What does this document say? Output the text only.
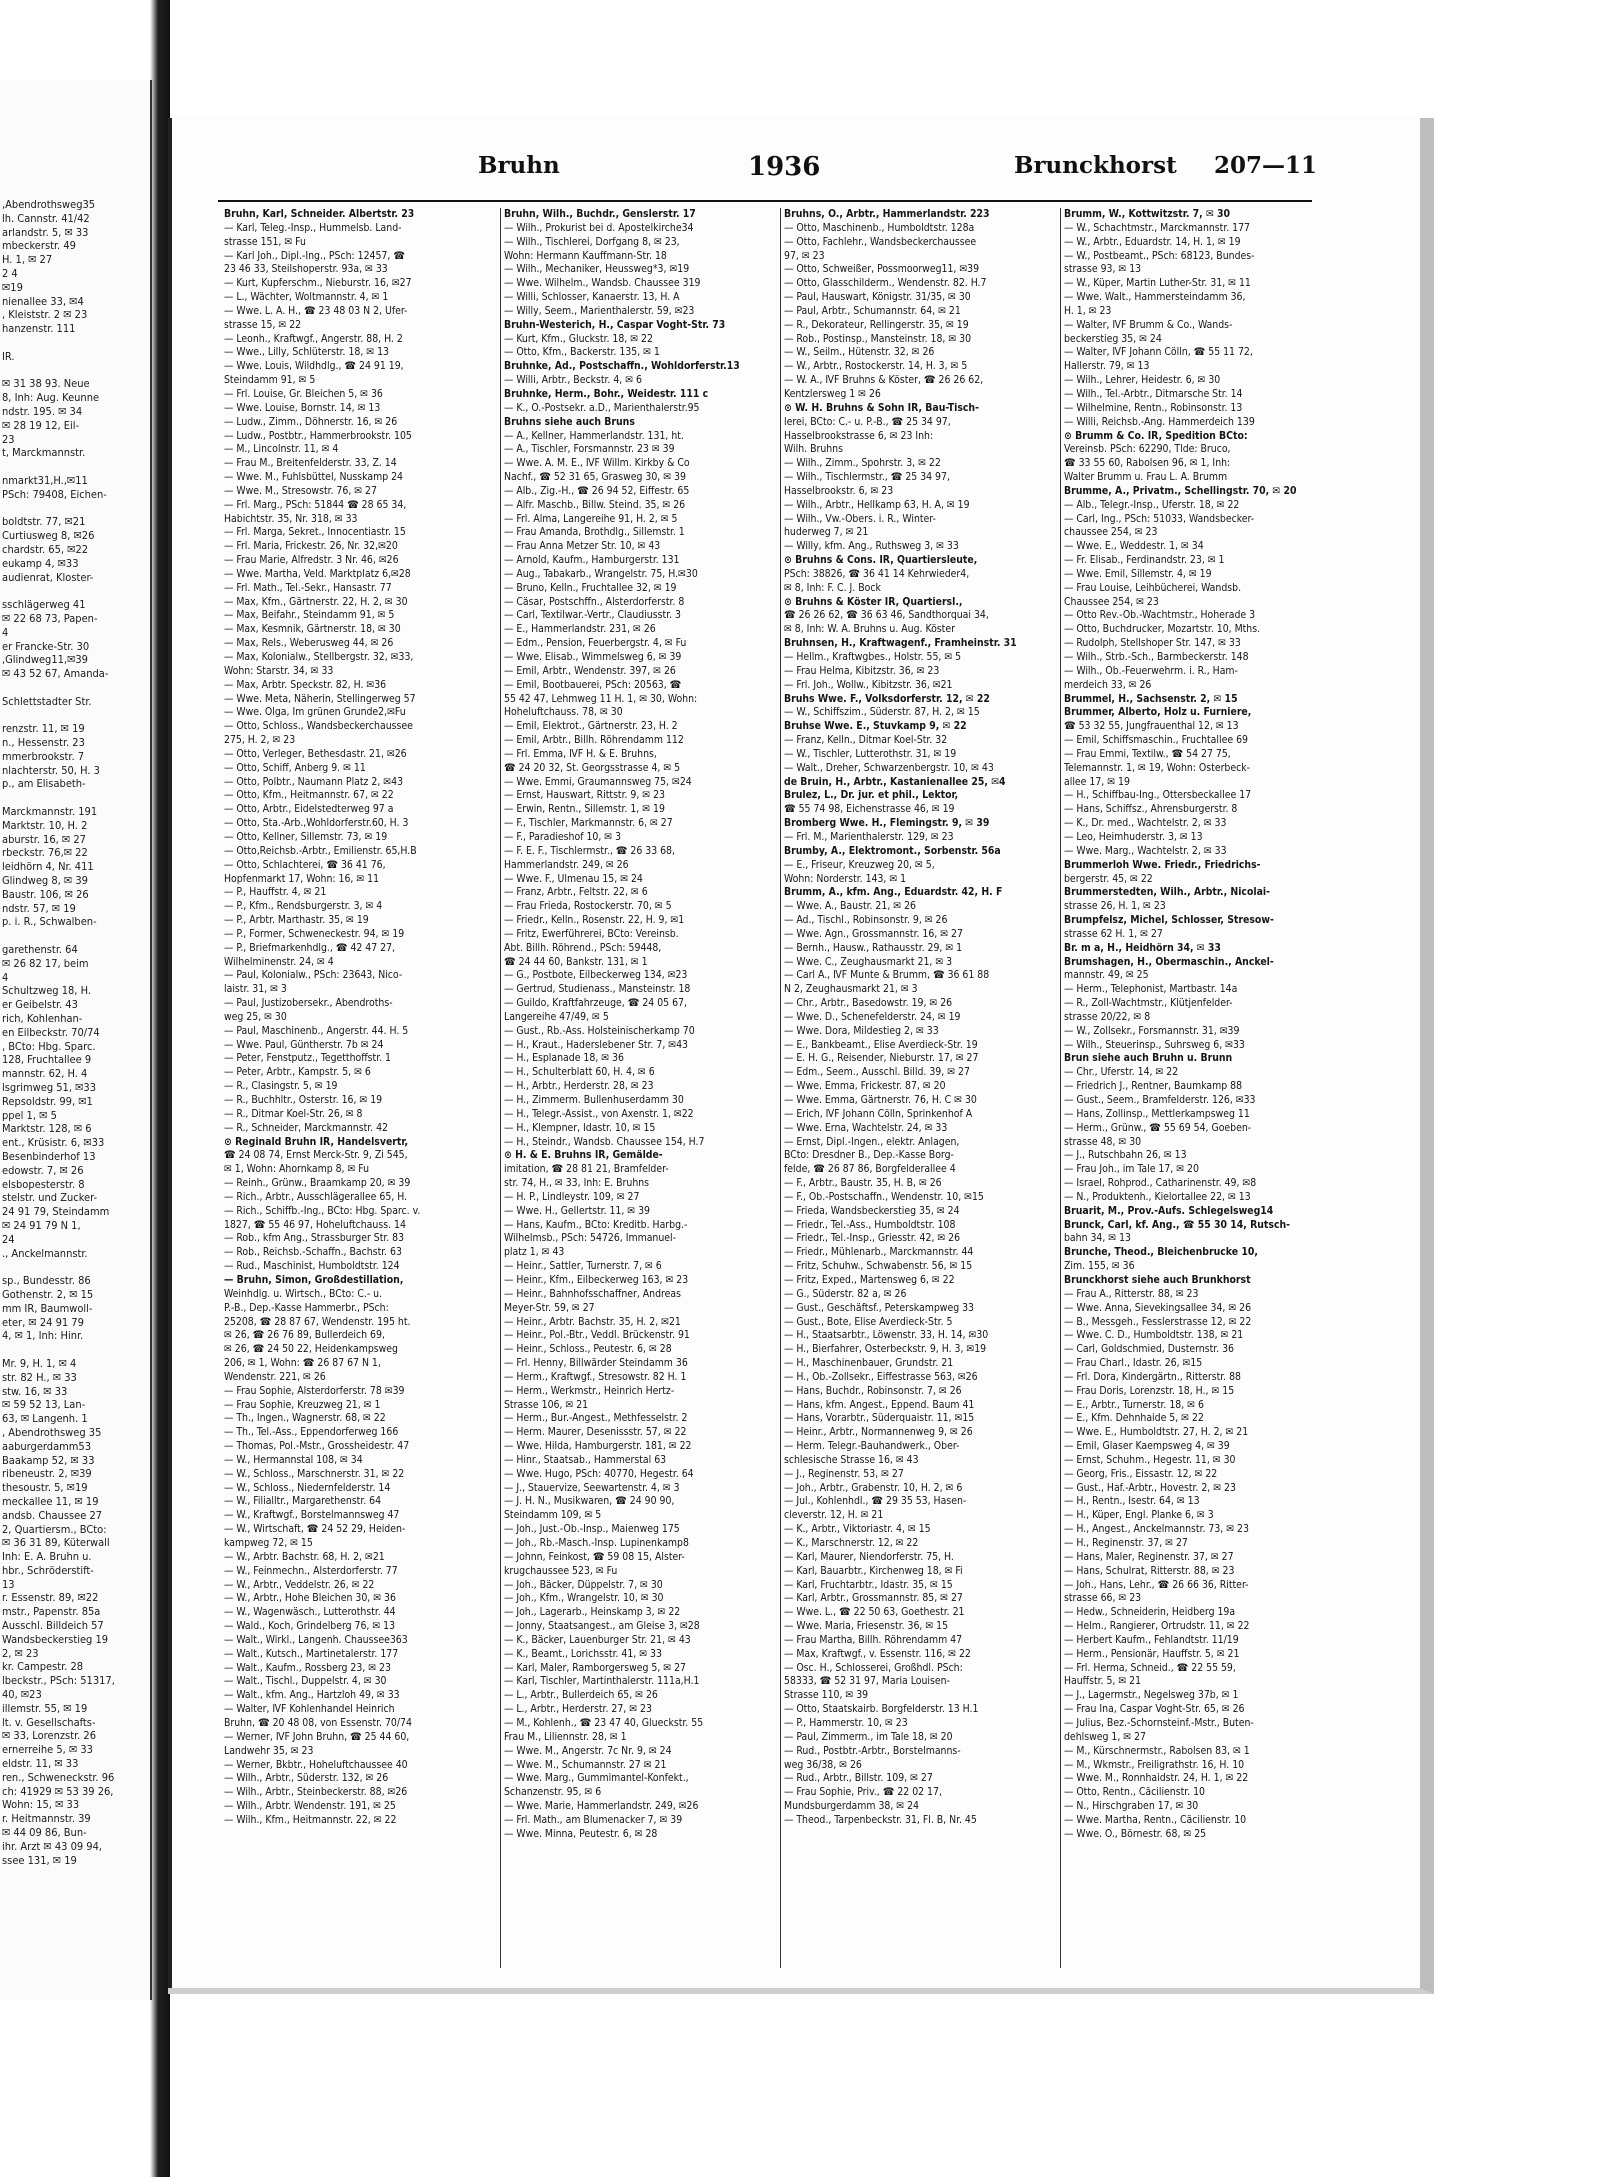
,Abendrothsweg35
lh. Cannstr. 41/42
arlandstr. 5, ✉ 33
mbeckerstr. 49
H. 1, ✉ 27
2 4
✉19
nienallee 33, ✉4
, Kleiststr. 2 ✉ 23
hanzenstr. 111

IR.

✉ 31 38 93. Neue
8, Inh: Aug. Keunne
ndstr. 195. ✉ 34
✉ 28 19 12, Eil-
23
t, Marckmannstr.

nmarkt31,H.,✉11
PSch: 79408, Eichen-

boldtstr. 77, ✉21
Curtiusweg 8, ✉26
chardstr. 65, ✉22
eukamp 4, ✉33
audienrat, Kloster-

sschlägerweg 41
✉ 22 68 73, Papen-
4
er Francke-Str. 30
,Glindweg11,✉39
✉ 43 52 67, Amanda-

Schlettstadter Str.

renzstr. 11, ✉ 19
n., Hessenstr. 23
mmerbrookstr. 7
nlachterstr. 50, H. 3
p., am Elisabeth-

Marckmannstr. 191
Marktstr. 10, H. 2
aburstr. 16, ✉ 27
rbeckstr. 76,✉ 22
leidhörn 4, Nr. 411
Glindweg 8, ✉ 39
Baustr. 106, ✉ 26
ndstr. 57, ✉ 19
p. i. R., Schwalben-

garethenstr. 64
✉ 26 82 17, beim
4
Schultzweg 18, H.
er Geibelstr. 43
rich, Kohlenhan-
en Eilbeckstr. 70/74
, BCto: Hbg. Sparc.
128, Fruchtallee 9
mannstr. 62, H. 4
lsgrimweg 51, ✉33
Repsoldstr. 99, ✉1
ppel 1, ✉ 5
Marktstr. 128, ✉ 6
ent., Krüsistr. 6, ✉33
Besenbinderhof 13
edowstr. 7, ✉ 26
elsbopesterstr. 8
stelstr. und Zucker-
24 91 79, Steindamm
✉ 24 91 79 N 1,
24
., Anckelmannstr.

sp., Bundesstr. 86
Gothenstr. 2, ✉ 15
mm IR, Baumwoll-
eter, ✉ 24 91 79
4, ✉ 1, Inh: Hinr.

Mr. 9, H. 1, ✉ 4
str. 82 H., ✉ 33
stw. 16, ✉ 33
✉ 59 52 13, Lan-
63, ✉ Langenh. 1
, Abendrothsweg 35
aaburgerdamm53
Baakamp 52, ✉ 33
ribeneustr. 2, ✉39
thesoustr. 5, ✉19
meckallee 11, ✉ 19
andsb. Chaussee 27
2, Quartiersm., BCto:
✉ 36 31 89, Küterwall
Inh: E. A. Bruhn u.
hbr., Schröderstift-
13
r. Essenstr. 89, ✉22
mstr., Papenstr. 85a
Ausschl. Billdeich 57
Wandsbeckerstieg 19
2, ✉ 23
kr. Campestr. 28
lbeckstr., PSch: 51317,
40, ✉23
illemstr. 55, ✉ 19
lt. v. Gesellschafts-
✉ 33, Lorenzstr. 26
ernerreihe 5, ✉ 33
eldstr. 11, ✉ 33
ren., Schweneckstr. 96
ch: 41929 ✉ 53 39 26,
Wohn: 15, ✉ 33
r. Heitmannstr. 39
✉ 44 09 86, Bun-
ihr. Arzt ✉ 43 09 94,
ssee 131, ✉ 19
Bruhn	1936	Brunckhorst 207—11
Bruhn, Karl, Schneider. Albertstr. 23
— Karl, Teleg.-Insp., Hummelsb. Land-
strasse 151, ✉ Fu
— Karl Joh., Dipl.-Ing., PSch: 12457, ☎
23 46 33, Steilshoperstr. 93a, ✉ 33
— Kurt, Kupferschm., Nieburstr. 16, ✉27
— L., Wächter, Woltmannstr. 4, ✉ 1
— Wwe. L. A. H., ☎ 23 48 03 N 2, Ufer-
strasse 15, ✉ 22
— Leonh., Kraftwgf., Angerstr. 88, H. 2
— Wwe., Lilly, Schlüterstr. 18, ✉ 13
— Wwe. Louis, Wildhdlg., ☎ 24 91 19,
Steindamm 91, ✉ 5
— Frl. Louise, Gr. Bleichen 5, ✉ 36
— Wwe. Louise, Bornstr. 14, ✉ 13
— Ludw., Zimm., Döhnerstr. 16, ✉ 26
— Ludw., Postbtr., Hammerbrookstr. 105
— M., Lincolnstr. 11, ✉ 4
— Frau M., Breitenfelderstr. 33, Z. 14
— Wwe. M., Fuhlsbüttel, Nusskamp 24
— Wwe. M., Stresowstr. 76, ✉ 27
— Frl. Marg., PSch: 51844 ☎ 28 65 34,
Habichtstr. 35, Nr. 318, ✉ 33
— Frl. Marga, Sekret., Innocentiastr. 15
— Frl. Maria, Frickestr. 26, Nr. 32,✉20
— Frau Marie, Alfredstr. 3 Nr. 46, ✉26
— Wwe. Martha, Veld. Marktplatz 6,✉28
— Frl. Math., Tel.-Sekr., Hansastr. 77
— Max, Kfm., Gärtnerstr. 22, H. 2, ✉ 30
— Max, Beifahr., Steindamm 91, ✉ 5
— Max, Kesmnik, Gärtnerstr. 18, ✉ 30
— Max, Rels., Weberusweg 44, ✉ 26
— Max, Kolonialw., Stellbergstr. 32, ✉33,
Wohn: Starstr. 34, ✉ 33
— Max, Arbtr. Speckstr. 82, H. ✉36
— Wwe. Meta, Näherin, Stellingerweg 57
— Wwe. Olga, Im grünen Grunde2,✉Fu
— Otto, Schloss., Wandsbeckerchaussee
275, H. 2, ✉ 23
— Otto, Verleger, Bethesdastr. 21, ✉26
— Otto, Schiff, Anberg 9. ✉ 11
— Otto, Polbtr., Naumann Platz 2, ✉43
— Otto, Kfm., Heitmannstr. 67, ✉ 22
— Otto, Arbtr., Eidelstedterweg 97 a
— Otto, Sta.-Arb.,Wohldorferstr.60, H. 3
— Otto, Kellner, Sillemstr. 73, ✉ 19
— Otto,Reichsb.-Arbtr., Emilienstr. 65,H.B
— Otto, Schlachterei, ☎ 36 41 76,
Hopfenmarkt 17, Wohn: 16, ✉ 11
— P., Hauffstr. 4, ✉ 21
— P., Kfm., Rendsburgerstr. 3, ✉ 4
— P., Arbtr. Marthastr. 35, ✉ 19
— P., Former, Schweneckestr. 94, ✉ 19
— P., Briefmarkenhdlg., ☎ 42 47 27,
Wilhelminenstr. 24, ✉ 4
— Paul, Kolonialw., PSch: 23643, Nico-
laistr. 31, ✉ 3
— Paul, Justizobersekr., Abendroths-
weg 25, ✉ 30
— Paul, Maschinenb., Angerstr. 44. H. 5
— Wwe. Paul, Güntherstr. 7b ✉ 24
— Peter, Fenstputz., Tegetthoffstr. 1
— Peter, Arbtr., Kampstr. 5, ✉ 6
— R., Clasingstr. 5, ✉ 19
— R., Buchhltr., Osterstr. 16, ✉ 19
— R., Ditmar Koel-Str. 26, ✉ 8
— R., Schneider, Marckmannstr. 42
⊙ Reginald Bruhn IR, Handelsvertr,
☎ 24 08 74, Ernst Merck-Str. 9, Zi 545,
✉ 1, Wohn: Ahornkamp 8, ✉ Fu
— Reinh., Grünw., Braamkamp 20, ✉ 39
— Rich., Arbtr., Ausschlägerallee 65, H.
— Rich., Schiffb.-Ing., BCto: Hbg. Sparc. v.
1827, ☎ 55 46 97, Hoheluftchauss. 14
— Rob., kfm Ang., Strassburger Str. 83
— Rob., Reichsb.-Schaffn., Bachstr. 63
— Rud., Maschinist, Humboldtstr. 124
— Bruhn, Simon, Großdestillation,
Weinhdlg. u. Wirtsch., BCto: C.- u.
P.-B., Dep.-Kasse Hammerbr., PSch:
25208, ☎ 28 87 67, Wendenstr. 195 ht.
✉ 26, ☎ 26 76 89, Bullerdeich 69,
✉ 26, ☎ 24 50 22, Heidenkampsweg
206, ✉ 1, Wohn: ☎ 26 87 67 N 1,
Wendenstr. 221, ✉ 26
— Frau Sophie, Alsterdorferstr. 78 ✉39
— Frau Sophie, Kreuzweg 21, ✉ 1
— Th., Ingen., Wagnerstr. 68, ✉ 22
— Th., Tel.-Ass., Eppendorferweg 166
— Thomas, Pol.-Mstr., Grossheidestr. 47
— W., Hermannstal 108, ✉ 34
— W., Schloss., Marschnerstr. 31, ✉ 22
— W., Schloss., Niedernfelderstr. 14
— W., Filialltr., Margarethenstr. 64
— W., Kraftwgf., Borstelmannsweg 47
— W., Wirtschaft, ☎ 24 52 29, Heiden-
kampweg 72, ✉ 15
— W., Arbtr. Bachstr. 68, H. 2, ✉21
— W., Feinmechn., Alsterdorferstr. 77
— W., Arbtr., Veddelstr. 26, ✉ 22
— W., Arbtr., Hohe Bleichen 30, ✉ 36
— W., Wagenwäsch., Lutterothstr. 44
— Wald., Koch, Grindelberg 76, ✉ 13
— Walt., Wirkl., Langenh. Chaussee363
— Walt., Kutsch., Martinetalerstr. 177
— Walt., Kaufm., Rossberg 23, ✉ 23
— Walt., Tischl., Duppelstr. 4, ✉ 30
— Walt., kfm. Ang., Hartzloh 49, ✉ 33
— Walter, ⅣF Kohlenhandel Heinrich
Bruhn, ☎ 20 48 08, von Essenstr. 70/74
— Werner, ⅣF John Bruhn, ☎ 25 44 60,
Landwehr 35, ✉ 23
— Werner, Bkbtr., Hoheluftchaussee 40
— Wilh., Arbtr., Süderstr. 132, ✉ 26
— Wilh., Arbtr., Steinbeckerstr. 88, ✉26
— Wilh., Arbtr. Wendenstr. 191, ✉ 25
— Wilh., Kfm., Heitmannstr. 22, ✉ 22
Bruhn, Wilh., Buchdr., Genslerstr. 17
— Wilh., Prokurist bei d. Apostelkirche34
— Wilh., Tischlerei, Dorfgang 8, ✉ 23,
Wohn: Hermann Kauffmann-Str. 18
— Wilh., Mechaniker, Heussweg*3, ✉19
— Wwe. Wilhelm., Wandsb. Chaussee 319
— Willi, Schlosser, Kanaerstr. 13, H. A
— Willy, Seem., Marienthalerstr. 59, ✉23
Bruhn-Westerich, H., Caspar Voght-Str. 73
— Kurt, Kfm., Gluckstr. 18, ✉ 22
— Otto, Kfm., Backerstr. 135, ✉ 1
Bruhnke, Ad., Postschaffn., Wohldorferstr.13
— Willi, Arbtr., Beckstr. 4, ✉ 6
Bruhnke, Herm., Bohr., Weidestr. 111 c
— K., O.-Postsekr. a.D., Marienthalerstr.95
Bruhns siehe auch Bruns
— A., Kellner, Hammerlandstr. 131, ht.
— A., Tischler, Forsmannstr. 23 ✉ 39
— Wwe. A. M. E., ⅣF Willm. Kirkby & Co
Nachf., ☎ 52 31 65, Grasweg 30, ✉ 39
— Alb., Zig.-H., ☎ 26 94 52, Eiffestr. 65
— Alfr. Maschb., Billw. Steind. 35, ✉ 26
— Frl. Alma, Langereihe 91, H. 2, ✉ 5
— Frau Amanda, Brothdlg., Sillemstr. 1
— Frau Anna Metzer Str. 10, ✉ 43
— Arnold, Kaufm., Hamburgerstr. 131
— Aug., Tabakarb., Wrangelstr. 75, H.✉30
— Bruno, Kelln., Fruchtallee 32, ✉ 19
— Cäsar, Postschffn., Alsterdorferstr. 8
— Carl, Textilwar.-Vertr., Claudiusstr. 3
— E., Hammerlandstr. 231, ✉ 26
— Edm., Pension, Feuerbergstr. 4, ✉ Fu
— Wwe. Elisab., Wimmelsweg 6, ✉ 39
— Emil, Arbtr., Wendenstr. 397, ✉ 26
— Emil, Bootbauerei, PSch: 20563, ☎
55 42 47, Lehmweg 11 H. 1, ✉ 30, Wohn:
Hoheluftchauss. 78, ✉ 30
— Emil, Elektrot., Gärtnerstr. 23, H. 2
— Emil, Arbtr., Billh. Röhrendamm 112
— Frl. Emma, ⅣF H. & E. Bruhns,
☎ 24 20 32, St. Georgsstrasse 4, ✉ 5
— Wwe. Emmi, Graumannsweg 75, ✉24
— Ernst, Hauswart, Rittstr. 9, ✉ 23
— Erwin, Rentn., Sillemstr. 1, ✉ 19
— F., Tischler, Markmannstr. 6, ✉ 27
— F., Paradieshof 10, ✉ 3
— F. E. F., Tischlermstr., ☎ 26 33 68,
Hammerlandstr. 249, ✉ 26
— Wwe. F., Ulmenau 15, ✉ 24
— Franz, Arbtr., Feltstr. 22, ✉ 6
— Frau Frieda, Rostockerstr. 70, ✉ 5
— Friedr., Kelln., Rosenstr. 22, H. 9, ✉1
— Fritz, Ewerführerei, BCto: Vereinsb.
Abt. Billh. Röhrend., PSch: 59448,
☎ 24 44 60, Bankstr. 131, ✉ 1
— G., Postbote, Eilbeckerweg 134, ✉23
— Gertrud, Studienass., Mansteinstr. 18
— Guildo, Kraftfahrzeuge, ☎ 24 05 67,
Langereihe 47/49, ✉ 5
— Gust., Rb.-Ass. Holsteinischerkamp 70
— H., Kraut., Haderslebener Str. 7, ✉43
— H., Esplanade 18, ✉ 36
— H., Schulterblatt 60, H. 4, ✉ 6
— H., Arbtr., Herderstr. 28, ✉ 23
— H., Zimmerm. Bullenhuserdamm 30
— H., Telegr.-Assist., von Axenstr. 1, ✉22
— H., Klempner, Idastr. 10, ✉ 15
— H., Steindr., Wandsb. Chaussee 154, H.7
⊙ H. & E. Bruhns IR, Gemälde-
imitation, ☎ 28 81 21, Bramfelder-
str. 74, H., ✉ 33, Inh: E. Bruhns
— H. P., Lindleystr. 109, ✉ 27
— Wwe. H., Gellertstr. 11, ✉ 39
— Hans, Kaufm., BCto: Kreditb. Harbg.-
Wilhelmsb., PSch: 54726, Immanuel-
platz 1, ✉ 43
— Heinr., Sattler, Turnerstr. 7, ✉ 6
— Heinr., Kfm., Eilbeckerweg 163, ✉ 23
— Heinr., Bahnhofsschaffner, Andreas
Meyer-Str. 59, ✉ 27
— Heinr., Arbtr. Bachstr. 35, H. 2, ✉21
— Heinr., Pol.-Btr., Veddl. Brückenstr. 91
— Heinr., Schloss., Peutestr. 6, ✉ 28
— Frl. Henny, Billwärder Steindamm 36
— Herm., Kraftwgf., Stresowstr. 82 H. 1
— Herm., Werkmstr., Heinrich Hertz-
Strasse 106, ✉ 21
— Herm., Bur.-Angest., Methfesselstr. 2
— Herm. Maurer, Desenissstr. 57, ✉ 22
— Wwe. Hilda, Hamburgerstr. 181, ✉ 22
— Hinr., Staatsab., Hammerstal 63
— Wwe. Hugo, PSch: 40770, Hegestr. 64
— J., Stauervize, Seewartenstr. 4, ✉ 3
— J. H. N., Musikwaren, ☎ 24 90 90,
Steindamm 109, ✉ 5
— Joh., Just.-Ob.-Insp., Maienweg 175
— Joh., Rb.-Masch.-Insp. Lupinenkamp8
— Johnn, Feinkost, ☎ 59 08 15, Alster-
krugchaussee 523, ✉ Fu
— Joh., Bäcker, Düppelstr. 7, ✉ 30
— Joh., Kfm., Wrangelstr. 10, ✉ 30
— Joh., Lagerarb., Heinskamp 3, ✉ 22
— Jonny, Staatsangest., am Gleise 3, ✉28
— K., Bäcker, Lauenburger Str. 21, ✉ 43
— K., Beamt., Lorichsstr. 41, ✉ 33
— Karl, Maler, Ramborgersweg 5, ✉ 27
— Karl, Tischler, Martinthalerstr. 111a,H.1
— L., Arbtr., Bullerdeich 65, ✉ 26
— L., Arbtr., Herderstr. 27, ✉ 23
— M., Kohlenh., ☎ 23 47 40, Glueckstr. 55
Frau M., Liliennstr. 28, ✉ 1
— Wwe. M., Angerstr. 7c Nr. 9, ✉ 24
— Wwe. M., Schumannstr. 27 ✉ 21
— Wwe. Marg., Gummimantel-Konfekt.,
Schanzenstr. 95, ✉ 6
— Wwe. Marie, Hammerlandstr. 249, ✉26
— Frl. Math., am Blumenacker 7, ✉ 39
— Wwe. Minna, Peutestr. 6, ✉ 28
Bruhns, O., Arbtr., Hammerlandstr. 223
— Otto, Maschinenb., Humboldtstr. 128a
— Otto, Fachlehr., Wandsbeckerchaussee
97, ✉ 23
— Otto, Schweißer, Possmoorweg11, ✉39
— Otto, Glasschilderm., Wendenstr. 82. H.7
— Paul, Hauswart, Königstr. 31/35, ✉ 30
— Paul, Arbtr., Schumannstr. 64, ✉ 21
— R., Dekorateur, Rellingerstr. 35, ✉ 19
— Rob., Postinsp., Mansteinstr. 18, ✉ 30
— W., Seilm., Hütenstr. 32, ✉ 26
— W., Arbtr., Rostockerstr. 14, H. 3, ✉ 5
— W. A., ⅣF Bruhns & Köster, ☎ 26 26 62,
Kentzlersweg 1 ✉ 26
⊙ W. H. Bruhns & Sohn IR, Bau-Tisch-
lerei, BCto: C.- u. P.-B., ☎ 25 34 97,
Hasselbrookstrasse 6, ✉ 23 Inh:
Wilh. Bruhns
— Wilh., Zimm., Spohrstr. 3, ✉ 22
— Wilh., Tischlermstr., ☎ 25 34 97,
Hasselbrookstr. 6, ✉ 23
— Wilh., Arbtr., Hellkamp 63, H. A, ✉ 19
— Wilh., Vw.-Obers. i. R., Winter-
huderweg 7, ✉ 21
— Willy, kfm. Ang., Ruthsweg 3, ✉ 33
⊙ Bruhns & Cons. IR, Quartiersleute,
PSch: 38826, ☎ 36 41 14 Kehrwieder4,
✉ 8, Inh: F. C. J. Bock
⊙ Bruhns & Köster IR, Quartiersl.,
☎ 26 26 62, ☎ 36 63 46, Sandthorquai 34,
✉ 8, Inh: W. A. Bruhns u. Aug. Köster
Bruhnsen, H., Kraftwagenf., Framheinstr. 31
— Hellm., Kraftwgbes., Holstr. 55, ✉ 5
— Frau Helma, Kibitzstr. 36, ✉ 23
— Frl. Joh., Wollw., Kibitzstr. 36, ✉21
Bruhs Wwe. F., Volksdorferstr. 12, ✉ 22
— W., Schiffszim., Süderstr. 87, H. 2, ✉ 15
Bruhse Wwe. E., Stuvkamp 9, ✉ 22
— Franz, Kelln., Ditmar Koel-Str. 32
— W., Tischler, Lutterothstr. 31, ✉ 19
— Walt., Dreher, Schwarzenbergstr. 10, ✉ 43
de Bruin, H., Arbtr., Kastanienallee 25, ✉4
Brulez, L., Dr. jur. et phil., Lektor,
☎ 55 74 98, Eichenstrasse 46, ✉ 19
Bromberg Wwe. H., Flemingstr. 9, ✉ 39
— Frl. M., Marienthalerstr. 129, ✉ 23
Brumby, A., Elektromont., Sorbenstr. 56a
— E., Friseur, Kreuzweg 20, ✉ 5,
Wohn: Norderstr. 143, ✉ 1
Brumm, A., kfm. Ang., Eduardstr. 42, H. F
— Wwe. A., Baustr. 21, ✉ 26
— Ad., Tischl., Robinsonstr. 9, ✉ 26
— Wwe. Agn., Grossmannstr. 16, ✉ 27
— Bernh., Hausw., Rathausstr. 29, ✉ 1
— Wwe. C., Zeughausmarkt 21, ✉ 3
— Carl A., ⅣF Munte & Brumm, ☎ 36 61 88
N 2, Zeughausmarkt 21, ✉ 3
— Chr., Arbtr., Basedowstr. 19, ✉ 26
— Wwe. D., Schenefelderstr. 24, ✉ 19
— Wwe. Dora, Mildestieg 2, ✉ 33
— E., Bankbeamt., Elise Averdieck-Str. 19
— E. H. G., Reisender, Nieburstr. 17, ✉ 27
— Edm., Seem., Ausschl. Billd. 39, ✉ 27
— Wwe. Emma, Frickestr. 87, ✉ 20
— Wwe. Emma, Gärtnerstr. 76, H. C ✉ 30
— Erich, ⅣF Johann Cölln, Sprinkenhof A
— Wwe. Erna, Wachtelstr. 24, ✉ 33
— Ernst, Dipl.-Ingen., elektr. Anlagen,
BCto: Dresdner B., Dep.-Kasse Borg-
felde, ☎ 26 87 86, Borgfelderallee 4
— F., Arbtr., Baustr. 35, H. B, ✉ 26
— F., Ob.-Postschaffn., Wendenstr. 10, ✉15
— Frieda, Wandsbeckerstieg 35, ✉ 24
— Friedr., Tel.-Ass., Humboldtstr. 108
— Friedr., Tel.-Insp., Griesstr. 42, ✉ 26
— Friedr., Mühlenarb., Marckmannstr. 44
— Fritz, Schuhw., Schwabenstr. 56, ✉ 15
— Fritz, Exped., Martensweg 6, ✉ 22
— G., Süderstr. 82 a, ✉ 26
— Gust., Geschäftsf., Peterskampweg 33
— Gust., Bote, Elise Averdieck-Str. 5
— H., Staatsarbtr., Löwenstr. 33, H. 14, ✉30
— H., Bierfahrer, Osterbeckstr. 9, H. 3, ✉19
— H., Maschinenbauer, Grundstr. 21
— H., Ob.-Zollsekr., Eiffestrasse 563, ✉26
— Hans, Buchdr., Robinsonstr. 7, ✉ 26
— Hans, kfm. Angest., Eppend. Baum 41
— Hans, Vorarbtr., Süderquaistr. 11, ✉15
— Heinr., Arbtr., Normannenweg 9, ✉ 26
— Herm. Telegr.-Bauhandwerk., Ober-
schlesische Strasse 16, ✉ 43
— J., Reginenstr. 53, ✉ 27
— Joh., Arbtr., Grabenstr. 10, H. 2, ✉ 6
— Jul., Kohlenhdl., ☎ 29 35 53, Hasen-
cleverstr. 12, H. ✉ 21
— K., Arbtr., Viktoriastr. 4, ✉ 15
— K., Marschnerstr. 12, ✉ 22
— Karl, Maurer, Niendorferstr. 75, H.
— Karl, Bauarbtr., Kirchenweg 18, ✉ Fi
— Karl, Fruchtarbtr., Idastr. 35, ✉ 15
— Karl, Arbtr., Grossmannstr. 85, ✉ 27
— Wwe. L., ☎ 22 50 63, Goethestr. 21
— Wwe. Maria, Friesenstr. 36, ✉ 15
— Frau Martha, Billh. Röhrendamm 47
— Max, Kraftwgf., v. Essenstr. 116, ✉ 22
— Osc. H., Schlosserei, Großhdl. PSch:
58333, ☎ 52 31 97, Maria Louisen-
Strasse 110, ✉ 39
— Otto, Staatskairb. Borgfelderstr. 13 H.1
— P., Hammerstr. 10, ✉ 23
— Paul, Zimmerm., im Tale 18, ✉ 20
— Rud., Postbtr.-Arbtr., Borstelmanns-
weg 36/38, ✉ 26
— Rud., Arbtr., Billstr. 109, ✉ 27
— Frau Sophie, Priv., ☎ 22 02 17,
Mundsburgerdamm 38, ✉ 24
— Theod., Tarpenbeckstr. 31, Fl. B, Nr. 45
Brumm, W., Kottwitzstr. 7, ✉ 30
— W., Schachtmstr., Marckmannstr. 177
— W., Arbtr., Eduardstr. 14, H. 1, ✉ 19
— W., Postbeamt., PSch: 68123, Bundes-
strasse 93, ✉ 13
— W., Küper, Martin Luther-Str. 31, ✉ 11
— Wwe. Walt., Hammersteindamm 36,
H. 1, ✉ 23
— Walter, ⅣF Brumm & Co., Wands-
beckerstieg 35, ✉ 24
— Walter, ⅣF Johann Cölln, ☎ 55 11 72,
Hallerstr. 79, ✉ 13
— Wilh., Lehrer, Heidestr. 6, ✉ 30
— Wilh., Tel.-Arbtr., Ditmarsche Str. 14
— Wilhelmine, Rentn., Robinsonstr. 13
— Willi, Reichsb.-Ang. Hammerdeich 139
⊙ Brumm & Co. IR, Spedition BCto:
Vereinsb. PSch: 62290, Tlde: Bruco,
☎ 33 55 60, Rabolsen 96, ✉ 1, Inh:
Walter Brumm u. Frau L. A. Brumm
Brumme, A., Privatm., Schellingstr. 70, ✉ 20
— Alb., Telegr.-Insp., Uferstr. 18, ✉ 22
— Carl, Ing., PSch: 51033, Wandsbecker-
chaussee 254, ✉ 23
— Wwe. E., Weddestr. 1, ✉ 34
— Fr. Elisab., Ferdinandstr. 23, ✉ 1
— Wwe. Emil, Sillemstr. 4, ✉ 19
— Frau Louise, Leihbücherei, Wandsb.
Chaussee 254, ✉ 23
— Otto Rev.-Ob.-Wachtmstr., Hoherade 3
— Otto, Buchdrucker, Mozartstr. 10, Mths.
— Rudolph, Stellshoper Str. 147, ✉ 33
— Wilh., Strb.-Sch., Barmbeckerstr. 148
— Wilh., Ob.-Feuerwehrm. i. R., Ham-
merdeich 33, ✉ 26
Brummel, H., Sachsenstr. 2, ✉ 15
Brummer, Alberto, Holz u. Furniere,
☎ 53 32 55, Jungfrauenthal 12, ✉ 13
— Emil, Schiffsmaschin., Fruchtallee 69
— Frau Emmi, Textilw., ☎ 54 27 75,
Telemannstr. 1, ✉ 19, Wohn: Osterbeck-
allee 17, ✉ 19
— H., Schiffbau-Ing., Ottersbeckallee 17
— Hans, Schiffsz., Ahrensburgerstr. 8
— K., Dr. med., Wachtelstr. 2, ✉ 33
— Leo, Heimhuderstr. 3, ✉ 13
— Wwe. Marg., Wachtelstr. 2, ✉ 33
Brummerloh Wwe. Friedr., Friedrichs-
bergerstr. 45, ✉ 22
Brummerstedten, Wilh., Arbtr., Nicolai-
strasse 26, H. 1, ✉ 23
Brumpfelsz, Michel, Schlosser, Stresow-
strasse 62 H. 1, ✉ 27
Br. m a, H., Heidhörn 34, ✉ 33
Brumshagen, H., Obermaschin., Anckel-
mannstr. 49, ✉ 25
— Herm., Telephonist, Martbastr. 14a
— R., Zoll-Wachtmstr., Klütjenfelder-
strasse 20/22, ✉ 8
— W., Zollsekr., Forsmannstr. 31, ✉39
— Wilh., Steuerinsp., Suhrsweg 6, ✉33
Brun siehe auch Bruhn u. Brunn
— Chr., Uferstr. 14, ✉ 22
— Friedrich J., Rentner, Baumkamp 88
— Gust., Seem., Bramfelderstr. 126, ✉33
— Hans, Zollinsp., Mettlerkampsweg 11
— Herm., Grünw., ☎ 55 69 54, Goeben-
strasse 48, ✉ 30
— J., Rutschbahn 26, ✉ 13
— Frau Joh., im Tale 17, ✉ 20
— Israel, Rohprod., Catharinenstr. 49, ✉8
— N., Produktenh., Kielortallee 22, ✉ 13
Bruarit, M., Prov.-Aufs. Schlegelsweg14
Brunck, Carl, kf. Ang., ☎ 55 30 14, Rutsch-
bahn 34, ✉ 13
Brunche, Theod., Bleichenbrucke 10,
Zim. 155, ✉ 36
Brunckhorst siehe auch Brunkhorst
— Frau A., Ritterstr. 88, ✉ 23
— Wwe. Anna, Sievekingsallee 34, ✉ 26
— B., Messgeh., Fesslerstrasse 12, ✉ 22
— Wwe. C. D., Humboldtstr. 138, ✉ 21
— Carl, Goldschmied, Dusternstr. 36
— Frau Charl., Idastr. 26, ✉15
— Frl. Dora, Kindergärtn., Ritterstr. 88
— Frau Doris, Lorenzstr. 18, H., ✉ 15
— E., Arbtr., Turnerstr. 18, ✉ 6
— E., Kfm. Dehnhaide 5, ✉ 22
— Wwe. E., Humboldtstr. 27, H. 2, ✉ 21
— Emil, Glaser Kaempsweg 4, ✉ 39
— Ernst, Schuhm., Hegestr. 11, ✉ 30
— Georg, Fris., Eissastr. 12, ✉ 22
— Gust., Haf.-Arbtr., Hovestr. 2, ✉ 23
— H., Rentn., Isestr. 64, ✉ 13
— H., Küper, Engl. Planke 6, ✉ 3
— H., Angest., Anckelmannstr. 73, ✉ 23
— H., Reginenstr. 37, ✉ 27
— Hans, Maler, Reginenstr. 37, ✉ 27
— Hans, Schulrat, Ritterstr. 88, ✉ 23
— Joh., Hans, Lehr., ☎ 26 66 36, Ritter-
strasse 66, ✉ 23
— Hedw., Schneiderin, Heidberg 19a
— Helm., Rangierer, Ortrudstr. 11, ✉ 22
— Herbert Kaufm., Fehlandtstr. 11/19
— Herm., Pensionär, Hauffstr. 5, ✉ 21
— Frl. Herma, Schneid., ☎ 22 55 59,
Hauffstr. 5, ✉ 21
— J., Lagermstr., Negelsweg 37b, ✉ 1
— Frau Ina, Caspar Voght-Str. 65, ✉ 26
— Julius, Bez.-Schornsteinf.-Mstr., Buten-
dehlsweg 1, ✉ 27
— M., Kürschnermstr., Rabolsen 83, ✉ 1
— M., Wkmstr., Freiligrathstr. 16, H. 10
— Wwe. M., Ronnhaidstr. 24, H. 1, ✉ 22
— Otto, Rentn., Cäcilienstr. 10
— N., Hirschgraben 17, ✉ 30
— Wwe. Martha, Rentn., Cäcilienstr. 10
— Wwe. O., Börnestr. 68, ✉ 25
